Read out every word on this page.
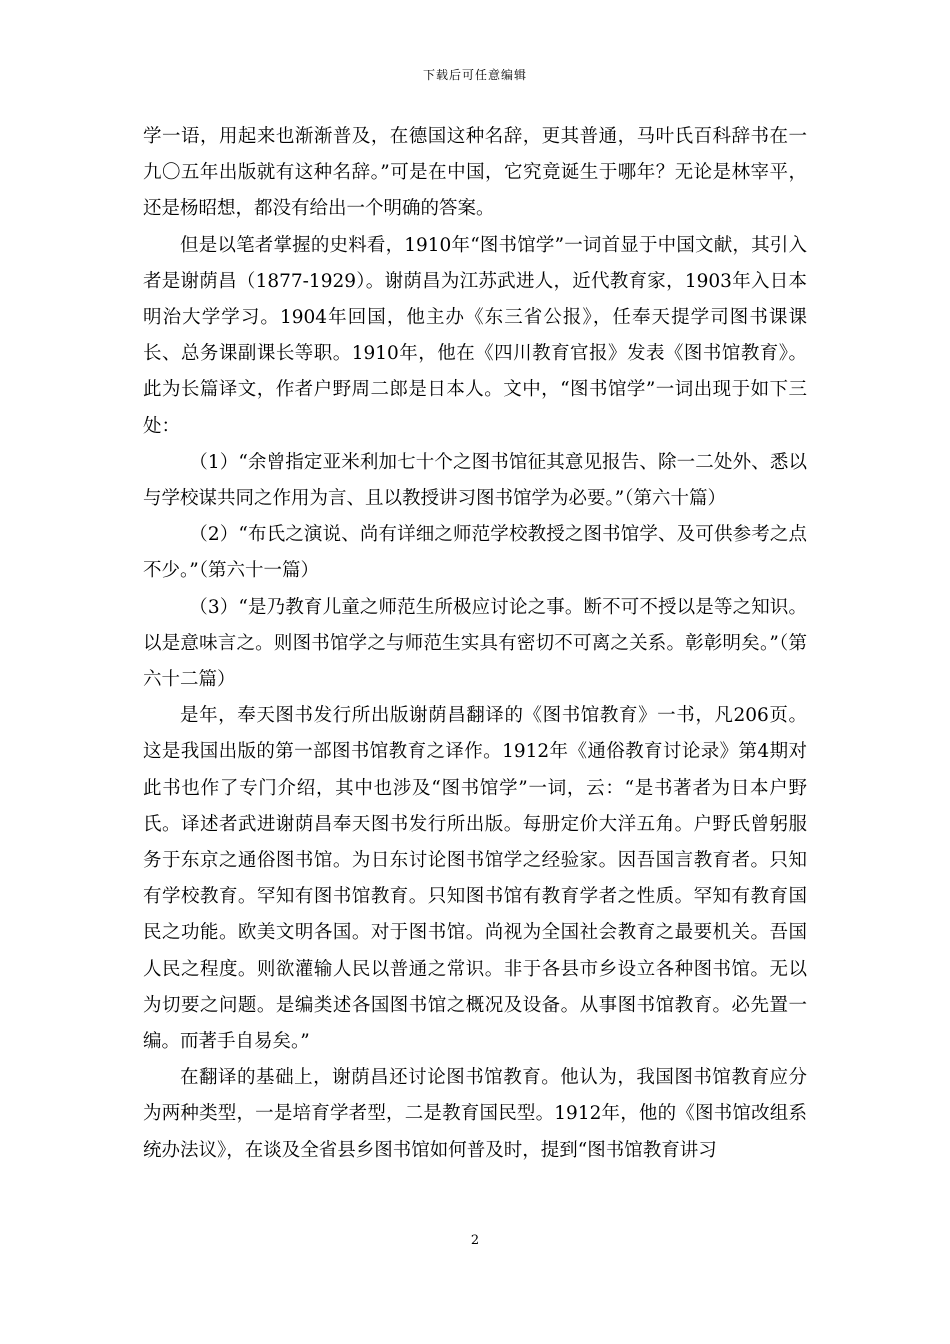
下载后可任意编辑

学一语，用起来也渐渐普及，在德国这种名辞，更其普通，马叶氏百科辞书在一九〇五年出版就有这种名辞。”可是在中国，它究竟诞生于哪年？无论是林宰平，还是杨昭想，都没有给出一个明确的答案。

但是以笔者掌握的史料看，1910年“图书馆学”一词首显于中国文献，其引入者是谢荫昌（1877-1929）。谢荫昌为江苏武进人，近代教育家，1903年入日本明治大学学习。1904年回国，他主办《东三省公报》，任奉天提学司图书课课长、总务课副课长等职。1910年，他在《四川教育官报》发表《图书馆教育》。此为长篇译文，作者户野周二郎是日本人。文中，“图书馆学”一词出现于如下三处：

（1）“余曾指定亚米利加七十个之图书馆征其意见报告、除一二处外、悉以与学校谋共同之作用为言、且以教授讲习图书馆学为必要。”（第六十篇）

（2）“布氏之演说、尚有详细之师范学校教授之图书馆学、及可供参考之点不少。”（第六十一篇）

（3）“是乃教育儿童之师范生所极应讨论之事。断不可不授以是等之知识。以是意味言之。则图书馆学之与师范生实具有密切不可离之关系。彰彰明矣。”（第六十二篇）

是年，奉天图书发行所出版谢荫昌翻译的《图书馆教育》一书，凡206页。这是我国出版的第一部图书馆教育之译作。1912年《通俗教育讨论录》第4期对此书也作了专门介绍，其中也涉及“图书馆学”一词，云：“是书著者为日本户野氏。译述者武进谢荫昌奉天图书发行所出版。每册定价大洋五角。户野氏曾躬服务于东京之通俗图书馆。为日东讨论图书馆学之经验家。因吾国言教育者。只知有学校教育。罕知有图书馆教育。只知图书馆有教育学者之性质。罕知有教育国民之功能。欧美文明各国。对于图书馆。尚视为全国社会教育之最要机关。吾国人民之程度。则欲灌输人民以普通之常识。非于各县市乡设立各种图书馆。无以为切要之问题。是编类述各国图书馆之概况及设备。从事图书馆教育。必先置一编。而著手自易矣。”

在翻译的基础上，谢荫昌还讨论图书馆教育。他认为，我国图书馆教育应分为两种类型，一是培育学者型，二是教育国民型。1912年，他的《图书馆改组系统办法议》，在谈及全省县乡图书馆如何普及时，提到“图书馆教育讲习

2
